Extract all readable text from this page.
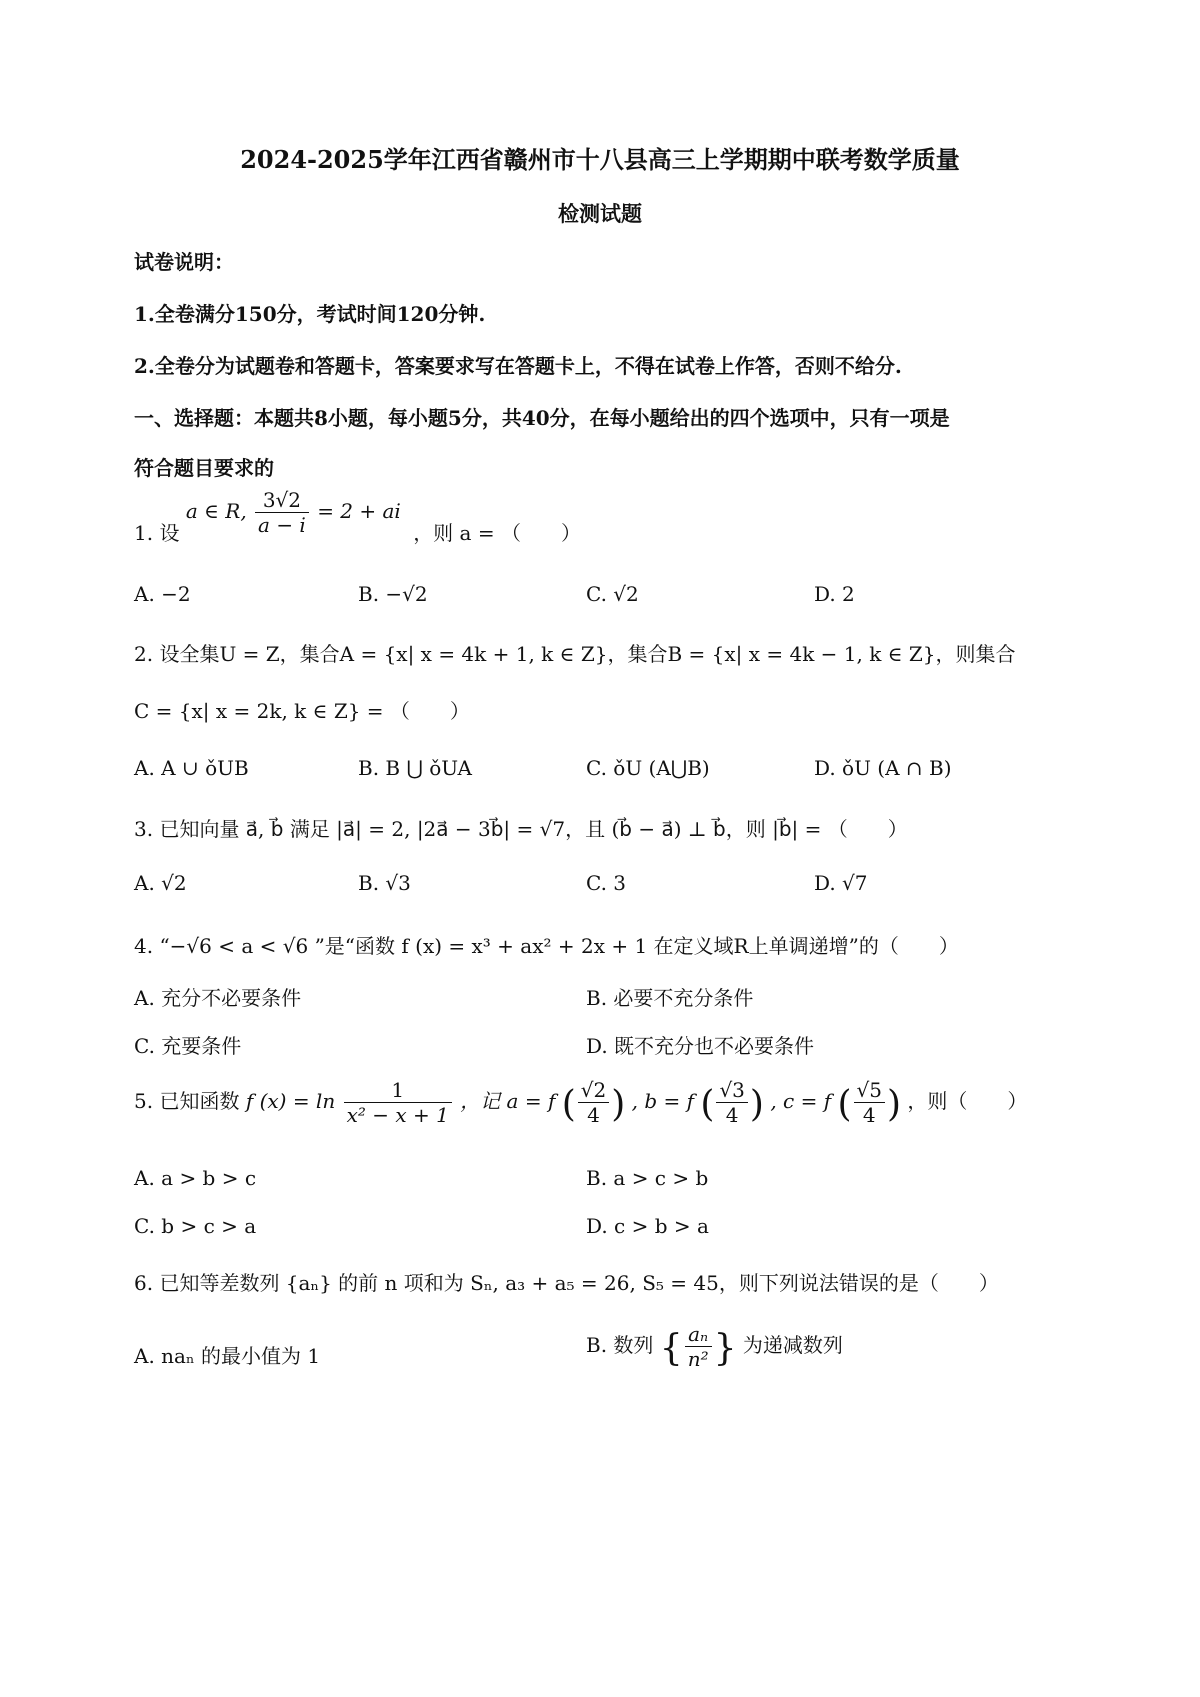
2024-2025学年江西省赣州市十八县高三上学期期中联考数学质量
检测试题
试卷说明：
1.全卷满分150分，考试时间120分钟.
2.全卷分为试题卷和答题卡，答案要求写在答题卡上，不得在试卷上作答，否则不给分.
一、选择题：本题共8小题，每小题5分，共40分，在每小题给出的四个选项中，只有一项是
符合题目要求的
1. 设 a ∈ R, $\frac{3√2}{a - i} = 2$ + ai ，则 a = （　　）
A. −2	B. −√2	C. √2	D. 2
2. 设全集U = Z，集合A = {x| x = 4k + 1, k ∈ Z}，集合B = {x| x = 4k − 1, k ∈ Z}，则集合
C = {x| x = 2k, k ∈ Z} = （　　）
A. A ∪ ǒUB	B. B ⋃ ǒUA	C. ǒU (A⋃B)	D. ǒU (A ∩ B)
3. 已知向量 a⃗, b⃗ 满足 |a⃗| = 2, |2a⃗ − 3b⃗| = √7，且 (b⃗ − a⃗) ⊥ b⃗，则 |b⃗| = （　　）
A. √2	B. √3	C. 3	D. √7
4. “−√6 < a < √6 ”是“函数 f (x) = x³ + ax² + 2x + 1 在定义域R上单调递增”的（　　）
A. 充分不必要条件	B. 必要不充分条件
C. 充要条件	D. 既不充分也不必要条件
5. 已知函数 f $(x) = \ln \frac{1}{\text{x² − x + 1}}$ ，记 a = f ( $\frac{√2}{4}$ ) , b = f ( $\frac{√3}{4}$ ) , c = f ( $\frac{√5}{4}$ ) ，则（　　）
A. a > b > c	B. a > c > b
C. b > c > a	D. c > b > a
6. 已知等差数列 {aₙ} 的前 n 项和为 Sₙ, a₃ + a₅ = 26, S₅ = 45，则下列说法错误的是（　　）
A. naₙ 的最小值为 1	B. 数列 { $\frac{\text{aₙ}}{\text{n²}}$ } 为递减数列
